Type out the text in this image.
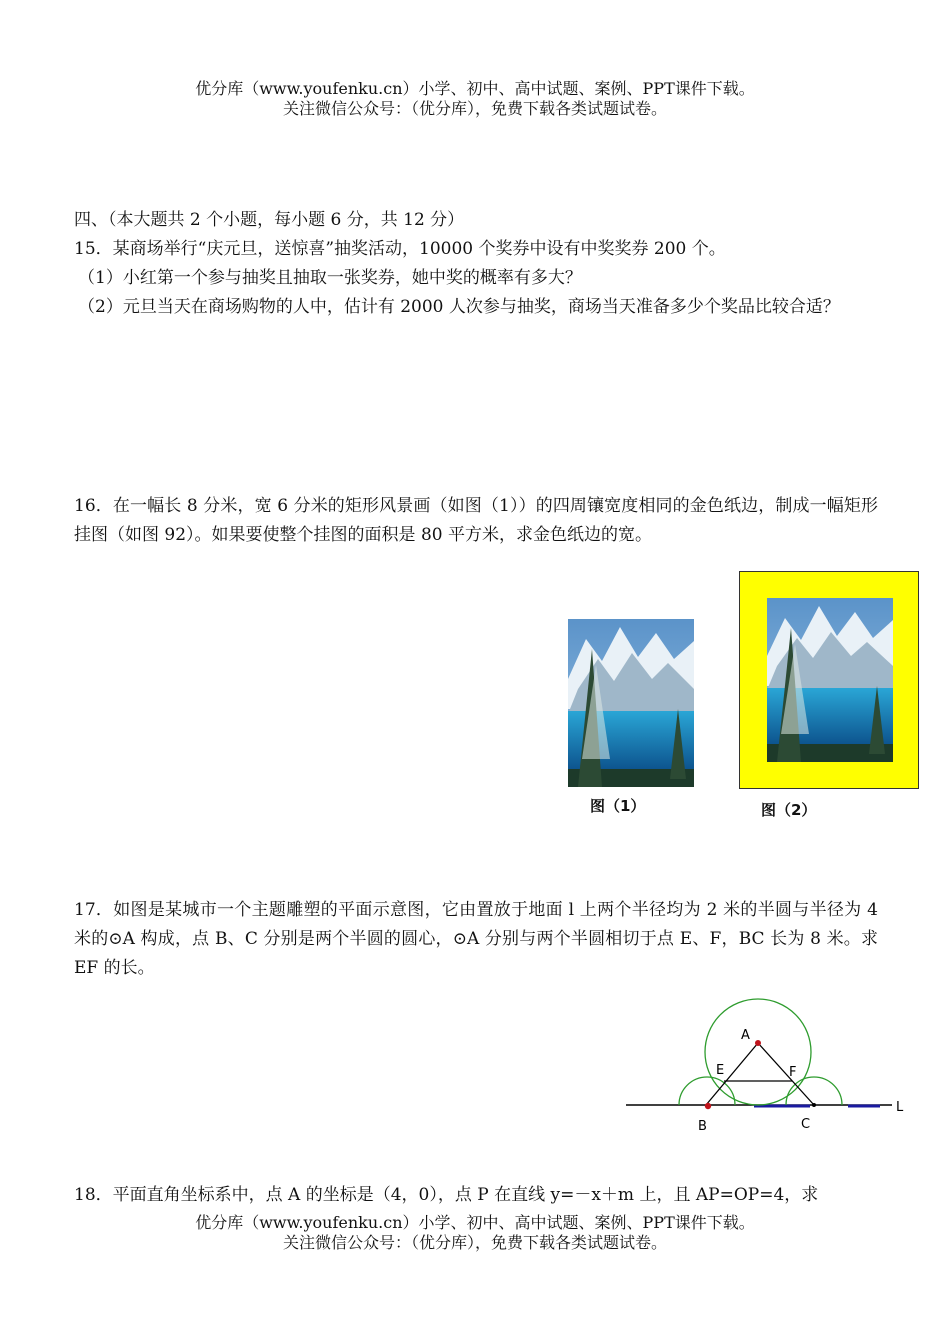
优分库（www.youfenku.cn）小学、初中、高中试题、案例、PPT课件下载。
关注微信公众号：（优分库），免费下载各类试题试卷。
四、（本大题共 2 个小题，每小题 6 分，共 12 分）
15．某商场举行“庆元旦，送惊喜”抽奖活动，10000 个奖券中设有中奖奖券 200 个。
（1）小红第一个参与抽奖且抽取一张奖券，她中奖的概率有多大？
（2）元旦当天在商场购物的人中，估计有 2000 人次参与抽奖，商场当天准备多少个奖品比较合适？
16．在一幅长 8 分米，宽 6 分米的矩形风景画（如图（1））的四周镶宽度相同的金色纸边，制成一幅矩形挂图（如图 92）。如果要使整个挂图的面积是 80 平方米，求金色纸边的宽。
图（1）	图（2）
17．如图是某城市一个主题雕塑的平面示意图，它由置放于地面 l 上两个半径均为 2 米的半圆与半径为 4 米的⊙A 构成，点 B、C 分别是两个半圆的圆心，⊙A 分别与两个半圆相切于点 E、F，BC 长为 8 米。求 EF 的长。
A
E	F
B	C
L
18．平面直角坐标系中，点 A 的坐标是（4，0），点 P 在直线 y=－x＋m 上，且 AP=OP=4，求
优分库（www.youfenku.cn）小学、初中、高中试题、案例、PPT课件下载。
关注微信公众号：（优分库），免费下载各类试题试卷。
